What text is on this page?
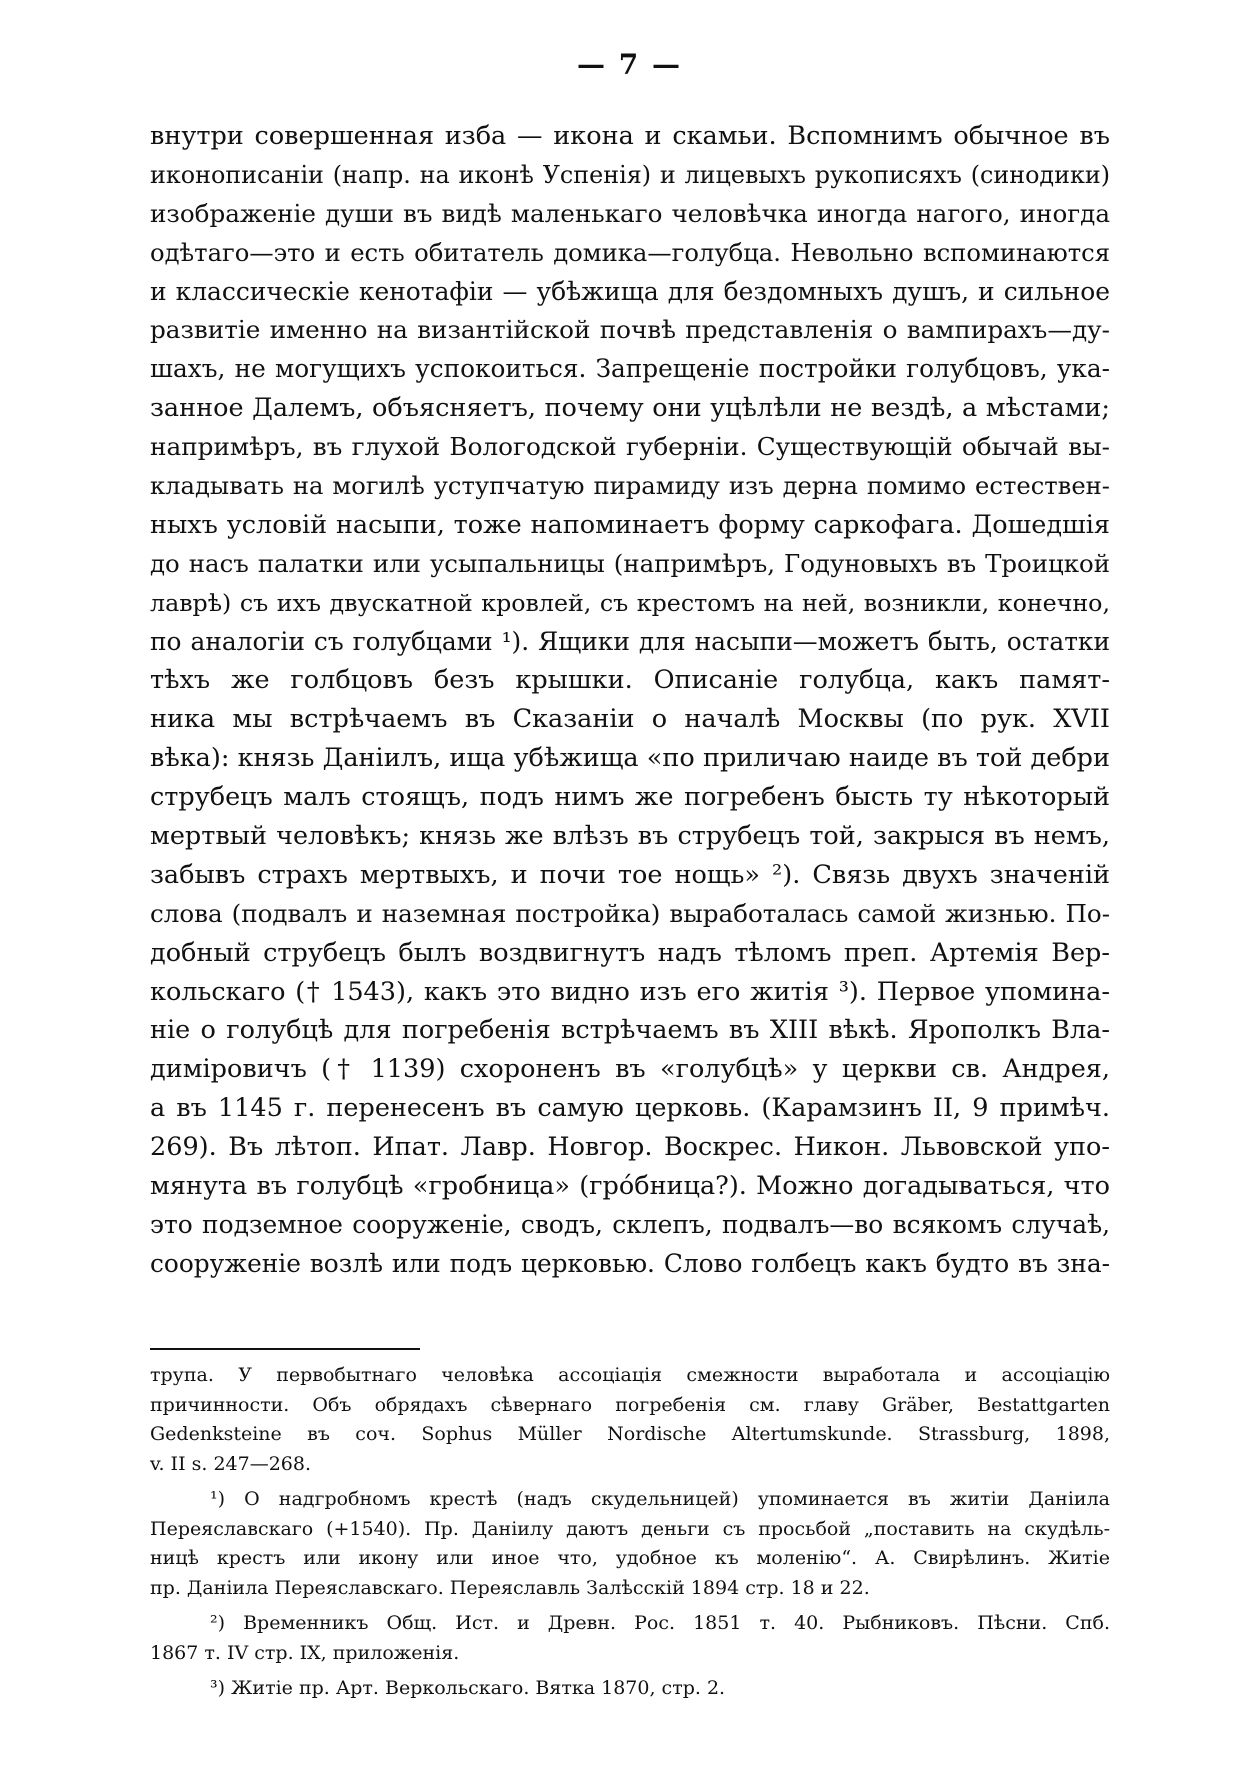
— 7 —
внутри совершенная изба — икона и скамьи. Вспомнимъ обычное въ
иконописаніи (напр. на иконѣ Успенія) и лицевыхъ рукописяхъ (синодики)
изображеніе души въ видѣ маленькаго человѣчка иногда нагого, иногда
одѣтаго—это и есть обитатель домика—голубца. Невольно вспоминаются
и классическіе кенотафіи — убѣжища для бездомныхъ душъ, и сильное
развитіе именно на византійской почвѣ представленія о вампирахъ—ду-
шахъ, не могущихъ успокоиться. Запрещеніе постройки голубцовъ, ука-
занное Далемъ, объясняетъ, почему они уцѣлѣли не вездѣ, а мѣстами;
напримѣръ, въ глухой Вологодской губерніи. Существующій обычай вы-
кладывать на могилѣ уступчатую пирамиду изъ дерна помимо естествен-
ныхъ условій насыпи, тоже напоминаетъ форму саркофага. Дошедшія
до насъ палатки или усыпальницы (напримѣръ, Годуновыхъ въ Троицкой
лаврѣ) съ ихъ двускатной кровлей, съ крестомъ на ней, возникли, конечно,
по аналогіи съ голубцами ¹). Ящики для насыпи—можетъ быть, остатки
тѣхъ же голбцовъ безъ крышки. Описаніе голубца, какъ памят-
ника мы встрѣчаемъ въ Сказаніи о началѣ Москвы (по рук. XVII
вѣка): князь Даніилъ, ища убѣжища «по приличаю наиде въ той дебри
струбецъ малъ стоящъ, подъ нимъ же погребенъ бысть ту нѣкоторый
мертвый человѣкъ; князь же влѣзъ въ струбецъ той, закрыся въ немъ,
забывъ страхъ мертвыхъ, и почи тое нощь» ²). Связь двухъ значеній
слова (подвалъ и наземная постройка) выработалась самой жизнью. По-
добный струбецъ былъ воздвигнутъ надъ тѣломъ преп. Артемія Вер-
кольскаго († 1543), какъ это видно изъ его житія ³). Первое упомина-
ніе о голубцѣ для погребенія встрѣчаемъ въ XIII вѣкѣ. Ярополкъ Вла-
диміровичъ († 1139) схороненъ въ «голубцѣ» у церкви св. Андрея,
а въ 1145 г. перенесенъ въ самую церковь. (Карамзинъ II, 9 примѣч.
269). Въ лѣтоп. Ипат. Лавр. Новгор. Воскрес. Никон. Львовской упо-
мянута въ голубцѣ «гробница» (гро́бница?). Можно догадываться, что
это подземное сооруженіе, сводъ, склепъ, подвалъ—во всякомъ случаѣ,
сооруженіе возлѣ или подъ церковью. Слово голбецъ какъ будто въ зна-
трупа. У первобытнаго человѣка ассоціація смежности выработала и ассоціацію
причинности. Объ обрядахъ сѣвернаго погребенія см. главу Gräber, Bestattgarten
Gedenksteine въ соч. Sophus Müller Nordische Altertumskunde. Strassburg, 1898,
v. II s. 247—268.
¹) О надгробномъ крестѣ (надъ скудельницей) упоминается въ житіи Даніила
Переяславскаго (+1540). Пр. Даніилу даютъ деньги съ просьбой „поставить на скудѣль-
ницѣ крестъ или икону или иное что, удобное къ моленію“. А. Свирѣлинъ. Житіе
пр. Даніила Переяславскаго. Переяславль Залѣсскій 1894 стр. 18 и 22.
²) Временникъ Общ. Ист. и Древн. Рос. 1851 т. 40. Рыбниковъ. Пѣсни. Спб.
1867 т. IV стр. IX, приложенія.
³) Житіе пр. Арт. Веркольскаго. Вятка 1870, стр. 2.
